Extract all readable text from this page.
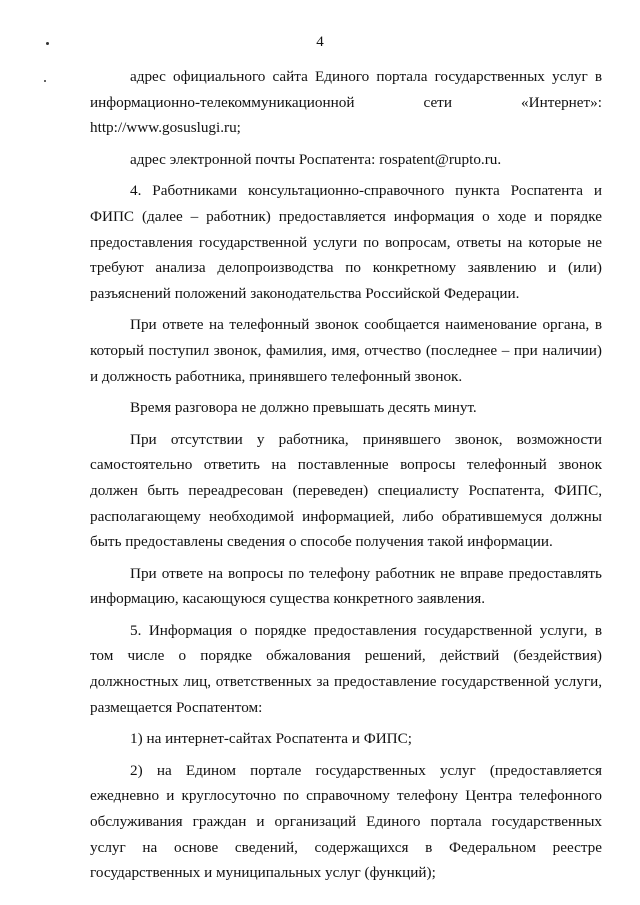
4

адрес официального сайта Единого портала государственных услуг в информационно-телекоммуникационной сети «Интернет»: http://www.gosuslugi.ru;

адрес электронной почты Роспатента: rospatent@rupto.ru.

4. Работниками консультационно-справочного пункта Роспатента и ФИПС (далее – работник) предоставляется информация о ходе и порядке предоставления государственной услуги по вопросам, ответы на которые не требуют анализа делопроизводства по конкретному заявлению и (или) разъяснений положений законодательства Российской Федерации.

При ответе на телефонный звонок сообщается наименование органа, в который поступил звонок, фамилия, имя, отчество (последнее – при наличии) и должность работника, принявшего телефонный звонок.

Время разговора не должно превышать десять минут.

При отсутствии у работника, принявшего звонок, возможности самостоятельно ответить на поставленные вопросы телефонный звонок должен быть переадресован (переведен) специалисту Роспатента, ФИПС, располагающему необходимой информацией, либо обратившемуся должны быть предоставлены сведения о способе получения такой информации.

При ответе на вопросы по телефону работник не вправе предоставлять информацию, касающуюся существа конкретного заявления.

5. Информация о порядке предоставления государственной услуги, в том числе о порядке обжалования решений, действий (бездействия) должностных лиц, ответственных за предоставление государственной услуги, размещается Роспатентом:

1) на интернет-сайтах Роспатента и ФИПС;

2) на Едином портале государственных услуг (предоставляется ежедневно и круглосуточно по справочному телефону Центра телефонного обслуживания граждан и организаций Единого портала государственных услуг на основе сведений, содержащихся в Федеральном реестре государственных и муниципальных услуг (функций);
